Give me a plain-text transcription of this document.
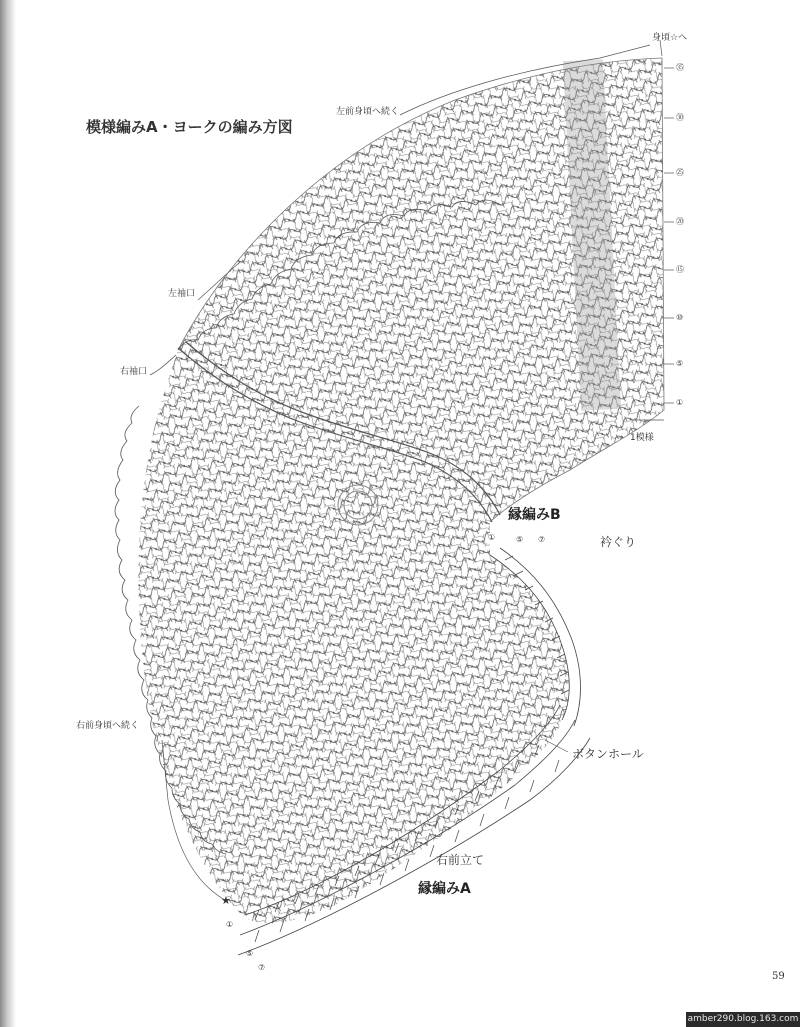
模様編みA・ヨークの編み方図
左前身頃へ続く
左袖口
右袖口
右前身頃へ続く
身頃☆へ
1模様
縁編みB
衿ぐり
ボタンホール
右前立て
縁編みA
★
㉟
㉚
㉕
⑳
⑮
⑩
⑤
①
①
⑤
⑦
①	⑤ ⑦
59
amber290.blog.163.com
